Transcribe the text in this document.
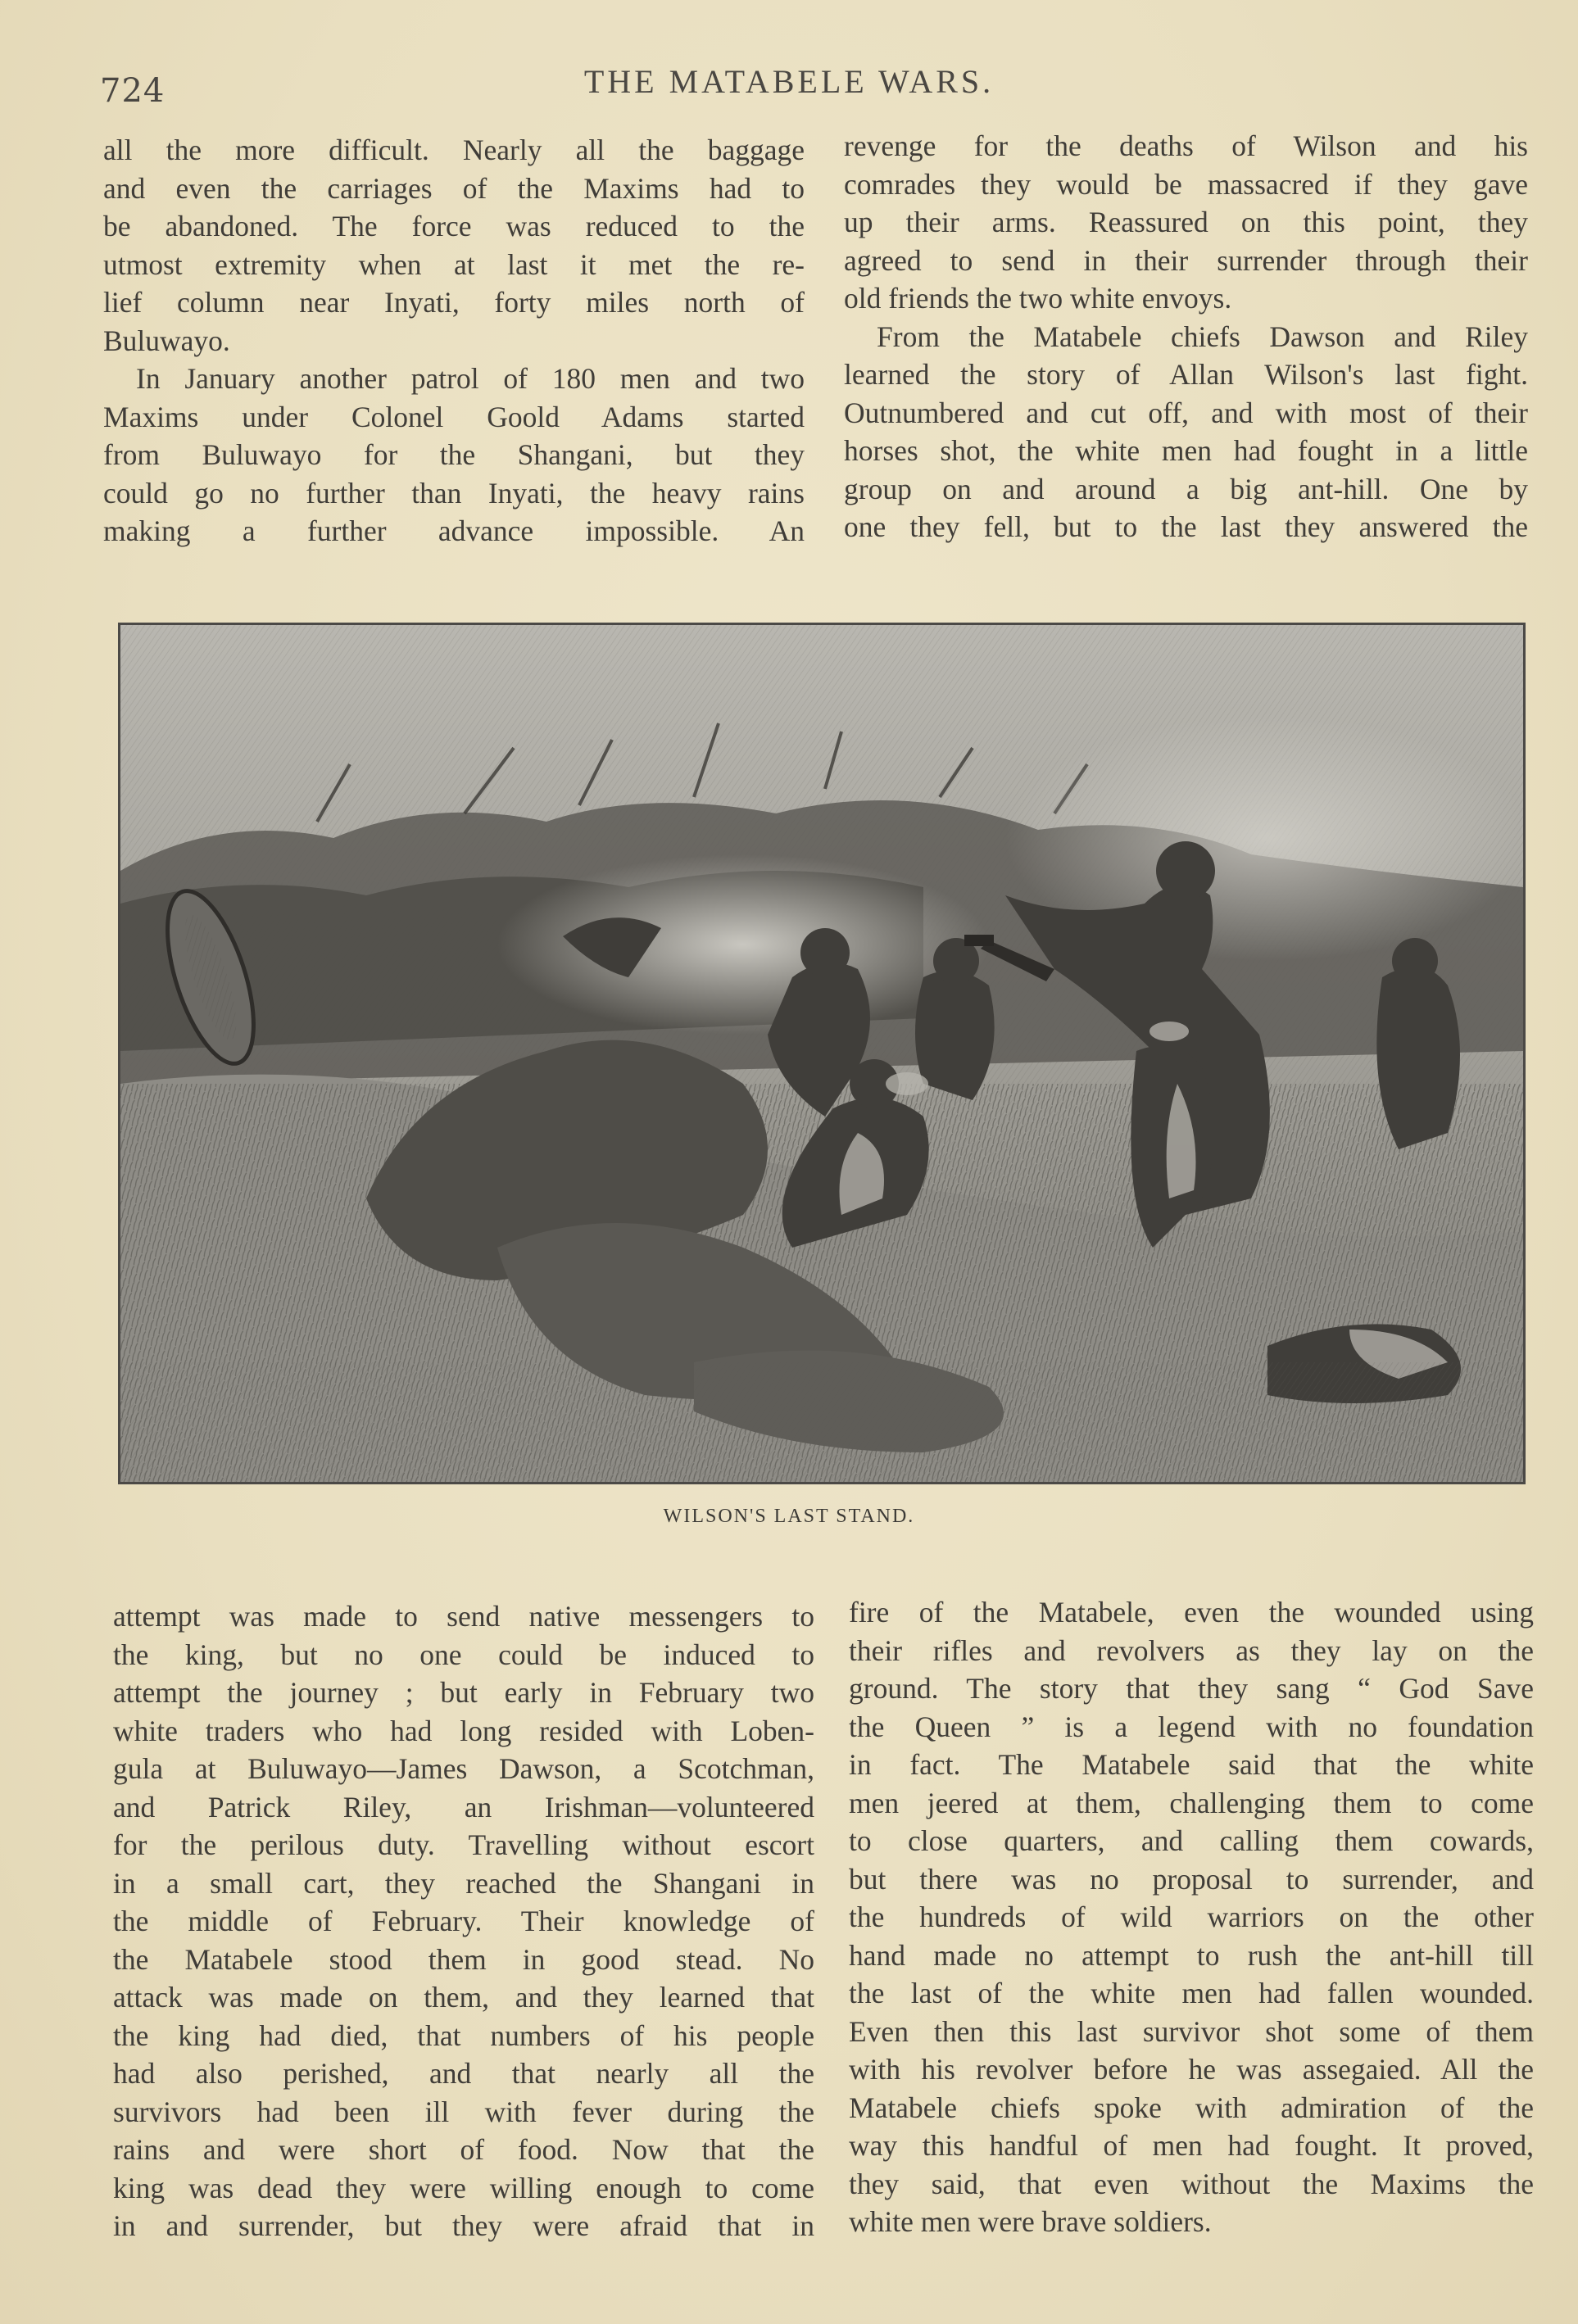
724	THE MATABELE WARS.
all the more difficult. Nearly all the baggage
and even the carriages of the Maxims had to
be abandoned. The force was reduced to the
utmost extremity when at last it met the re-
lief column near Inyati, forty miles north of
Buluwayo.
In January another patrol of 180 men and two
Maxims under Colonel Goold Adams started
from Buluwayo for the Shangani, but they
could go no further than Inyati, the heavy rains
making a further advance impossible. An
revenge for the deaths of Wilson and his
comrades they would be massacred if they gave
up their arms. Reassured on this point, they
agreed to send in their surrender through their
old friends the two white envoys.
From the Matabele chiefs Dawson and Riley
learned the story of Allan Wilson's last fight.
Outnumbered and cut off, and with most of their
horses shot, the white men had fought in a little
group on and around a big ant-hill. One by
one they fell, but to the last they answered the
WILSON'S LAST STAND.
attempt was made to send native messengers to
the king, but no one could be induced to
attempt the journey ; but early in February two
white traders who had long resided with Loben-
gula at Buluwayo—James Dawson, a Scotchman,
and Patrick Riley, an Irishman—volunteered
for the perilous duty. Travelling without escort
in a small cart, they reached the Shangani in
the middle of February. Their knowledge of
the Matabele stood them in good stead. No
attack was made on them, and they learned that
the king had died, that numbers of his people
had also perished, and that nearly all the
survivors had been ill with fever during the
rains and were short of food. Now that the
king was dead they were willing enough to come
in and surrender, but they were afraid that in
fire of the Matabele, even the wounded using
their rifles and revolvers as they lay on the
ground. The story that they sang “ God Save
the Queen ” is a legend with no foundation
in fact. The Matabele said that the white
men jeered at them, challenging them to come
to close quarters, and calling them cowards,
but there was no proposal to surrender, and
the hundreds of wild warriors on the other
hand made no attempt to rush the ant-hill till
the last of the white men had fallen wounded.
Even then this last survivor shot some of them
with his revolver before he was assegaied. All the
Matabele chiefs spoke with admiration of the
way this handful of men had fought. It proved,
they said, that even without the Maxims the
white men were brave soldiers.
